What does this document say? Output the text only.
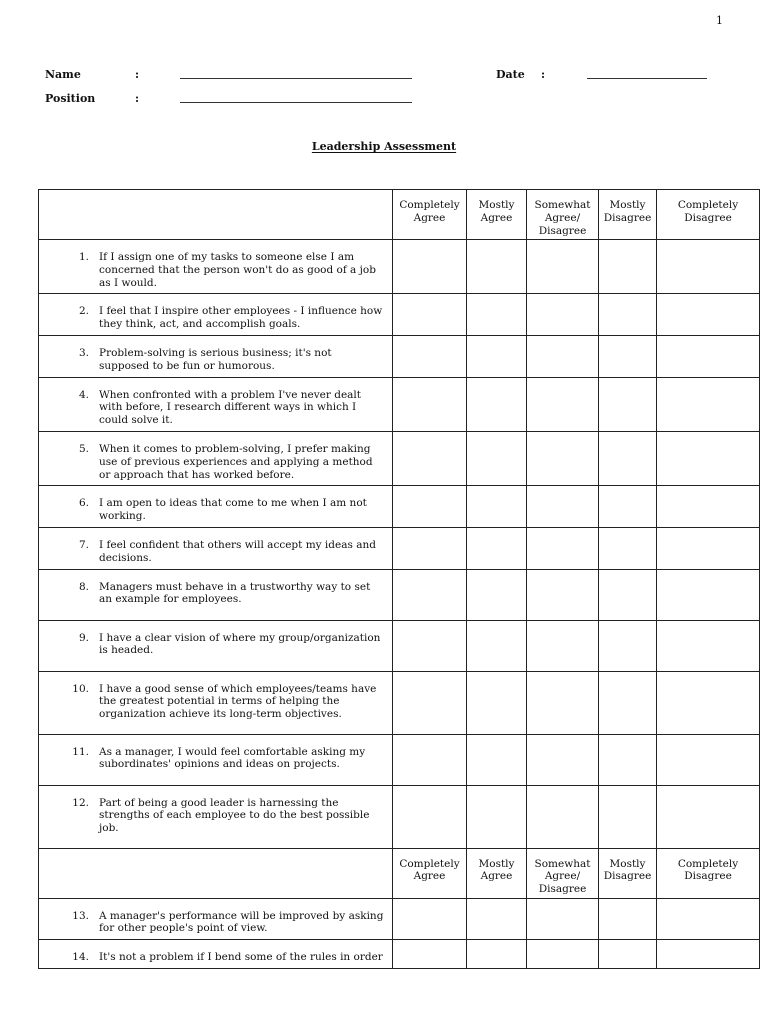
1
Name	:	Date :
Position	:
Leadership Assessment
	Completely Agree	Mostly Agree	Somewhat Agree/ Disagree	Mostly Disagree	Completely Disagree

1. If I assign one of my tasks to someone else I am concerned that the person won't do as good of a job as I would.					

2. I feel that I inspire other employees - I influence how they think, act, and accomplish goals.					

3. Problem-solving is serious business; it's not supposed to be fun or humorous.					

4. When confronted with a problem I've never dealt with before, I research different ways in which I could solve it.					

5. When it comes to problem-solving, I prefer making use of previous experiences and applying a method or approach that has worked before.					

6. I am open to ideas that come to me when I am not working.					

7. I feel confident that others will accept my ideas and decisions.					

8. Managers must behave in a trustworthy way to set an example for employees.					

9. I have a clear vision of where my group/organization is headed.					

10. I have a good sense of which employees/teams have the greatest potential in terms of helping the organization achieve its long-term objectives.					

11. As a manager, I would feel comfortable asking my subordinates' opinions and ideas on projects.					

12. Part of being a good leader is harnessing the strengths of each employee to do the best possible job.					

	Completely Agree	Mostly Agree	Somewhat Agree/ Disagree	Mostly Disagree	Completely Disagree

13. A manager's performance will be improved by asking for other people's point of view.					

14. It's not a problem if I bend some of the rules in order					
